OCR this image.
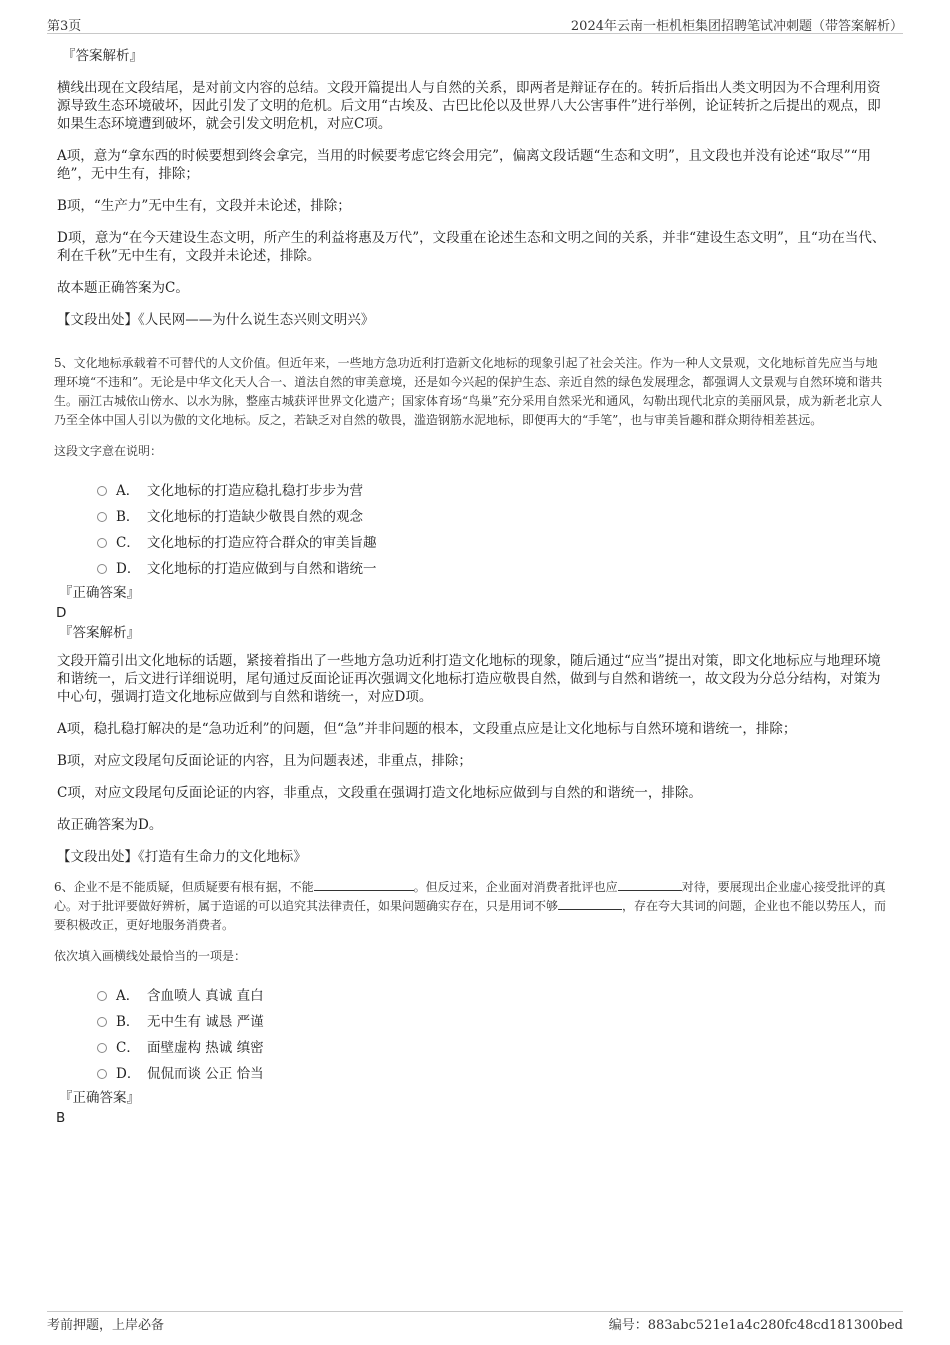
第3页	2024年云南一柜机柜集团招聘笔试冲刺题（带答案解析）
『答案解析』
横线出现在文段结尾，是对前文内容的总结。文段开篇提出人与自然的关系，即两者是辩证存在的。转折后指出人类文明因为不合理利用资源导致生态环境破坏，因此引发了文明的危机。后文用“古埃及、古巴比伦以及世界八大公害事件”进行举例，论证转折之后提出的观点，即如果生态环境遭到破坏，就会引发文明危机，对应C项。
A项，意为“拿东西的时候要想到终会拿完，当用的时候要考虑它终会用完”，偏离文段话题“生态和文明”，且文段也并没有论述“取尽”“用绝”，无中生有，排除；
B项，“生产力”无中生有，文段并未论述，排除；
D项，意为“在今天建设生态文明，所产生的利益将惠及万代”，文段重在论述生态和文明之间的关系，并非“建设生态文明”，且“功在当代、利在千秋”无中生有，文段并未论述，排除。
故本题正确答案为C。
【文段出处】《人民网——为什么说生态兴则文明兴》
5、文化地标承载着不可替代的人文价值。但近年来，一些地方急功近利打造新文化地标的现象引起了社会关注。作为一种人文景观，文化地标首先应当与地理环境“不违和”。无论是中华文化天人合一、道法自然的审美意境，还是如今兴起的保护生态、亲近自然的绿色发展理念，都强调人文景观与自然环境和谐共生。丽江古城依山傍水、以水为脉，整座古城获评世界文化遗产；国家体育场“鸟巢”充分采用自然采光和通风，勾勒出现代北京的美丽风景，成为新老北京人乃至全体中国人引以为傲的文化地标。反之，若缺乏对自然的敬畏，滥造钢筋水泥地标，即便再大的“手笔”，也与审美旨趣和群众期待相差甚远。
这段文字意在说明：
A． 文化地标的打造应稳扎稳打步步为营
B． 文化地标的打造缺少敬畏自然的观念
C． 文化地标的打造应符合群众的审美旨趣
D． 文化地标的打造应做到与自然和谐统一
『正确答案』
D
『答案解析』
文段开篇引出文化地标的话题，紧接着指出了一些地方急功近利打造文化地标的现象，随后通过“应当”提出对策，即文化地标应与地理环境和谐统一，后文进行详细说明，尾句通过反面论证再次强调文化地标打造应敬畏自然，做到与自然和谐统一，故文段为分总分结构，对策为中心句，强调打造文化地标应做到与自然和谐统一，对应D项。
A项，稳扎稳打解决的是“急功近利”的问题，但“急”并非问题的根本，文段重点应是让文化地标与自然环境和谐统一，排除；
B项，对应文段尾句反面论证的内容，且为问题表述，非重点，排除；
C项，对应文段尾句反面论证的内容，非重点，文段重在强调打造文化地标应做到与自然的和谐统一，排除。
故正确答案为D。
【文段出处】《打造有生命力的文化地标》
6、企业不是不能质疑，但质疑要有根有据，不能	。但反过来，企业面对消费者批评也应	对待，要展现出企业虚心接受批评的真心。对于批评要做好辨析，属于造谣的可以追究其法律责任，如果问题确实存在，只是用词不够	，存在夸大其词的问题，企业也不能以势压人，而要积极改正，更好地服务消费者。
依次填入画横线处最恰当的一项是：
A． 含血喷人 真诚 直白
B． 无中生有 诚恳 严谨
C． 面壁虚构 热诚 缜密
D． 侃侃而谈 公正 恰当
『正确答案』
B
考前押题，上岸必备	编号：883abc521e1a4c280fc48cd181300bed
